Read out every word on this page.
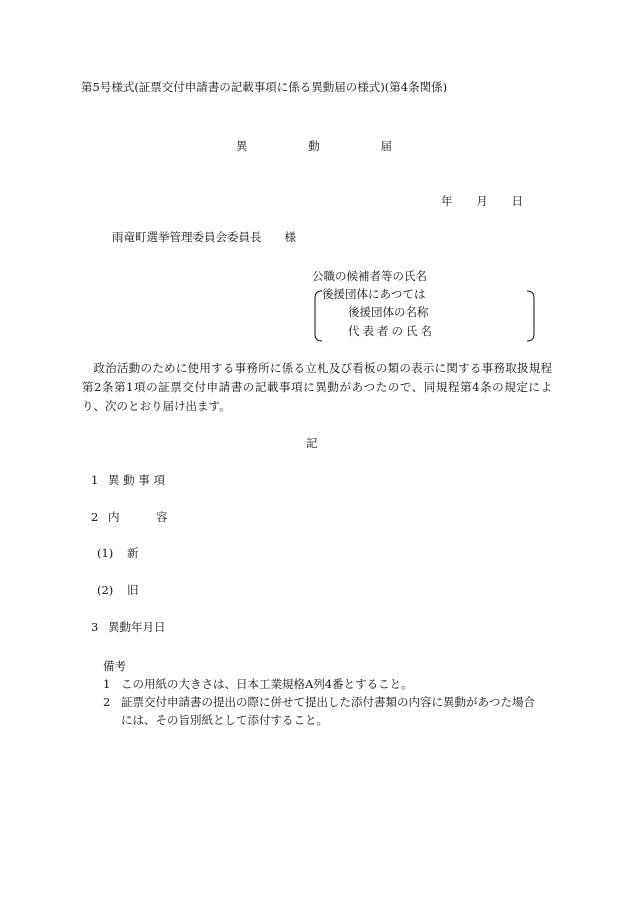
第5号様式(証票交付申請書の記載事項に係る異動届の様式)(第4条関係)
異	動	届
年 月 日
雨竜町選挙管理委員会委員長　　様
公職の候補者等の氏名
後援団体にあつては
後援団体の名称
代表者の氏名
政治活動のために使用する事務所に係る立札及び看板の類の表示に関する事務取扱規程第2条第1項の証票交付申請書の記載事項に異動があつたので、同規程第4条の規定により、次のとおり届け出ます。
記
1 異 動 事 項
2 内	容
(1) 新
(2) 旧
3 異動年月日
備考
1 この用紙の大きさは、日本工業規格A列4番とすること。
2 証票交付申請書の提出の際に併せて提出した添付書類の内容に異動があつた場合
には、その旨別紙として添付すること。
